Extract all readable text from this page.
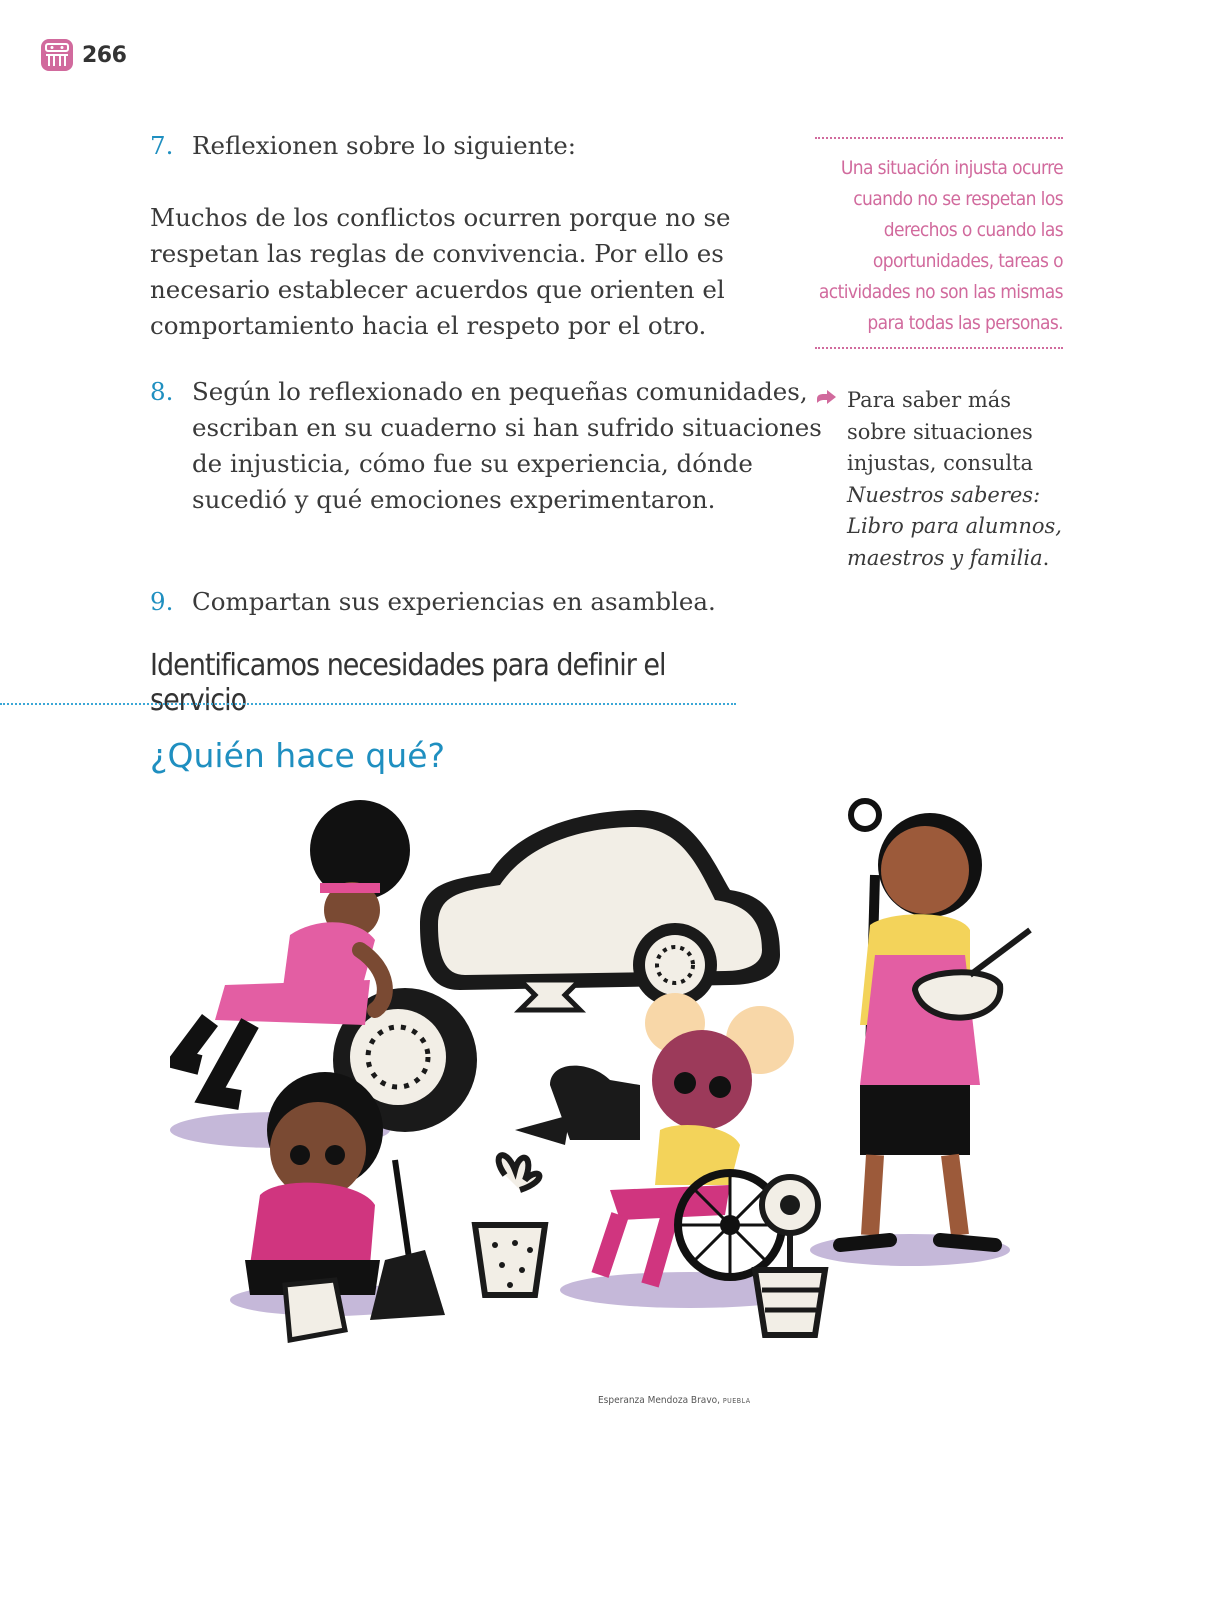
266

7. Reflexionen sobre lo siguiente:

Muchos de los conflictos ocurren porque no se respetan las reglas de convivencia. Por ello es necesario establecer acuerdos que orienten el comportamiento hacia el respeto por el otro.

8. Según lo reflexionado en pequeñas comunidades, escriban en su cuaderno si han sufrido situaciones de injusticia, cómo fue su experiencia, dónde sucedió y qué emociones experimentaron.

9. Compartan sus experiencias en asamblea.

Una situación injusta ocurre cuando no se respetan los derechos o cuando las oportunidades, tareas o actividades no son las mismas para todas las personas.
Para saber más sobre situaciones injustas, consulta Nuestros saberes: Libro para alumnos, maestros y familia.
Identificamos necesidades para definir el servicio
¿Quién hace qué?
Esperanza Mendoza Bravo, PUEBLA
